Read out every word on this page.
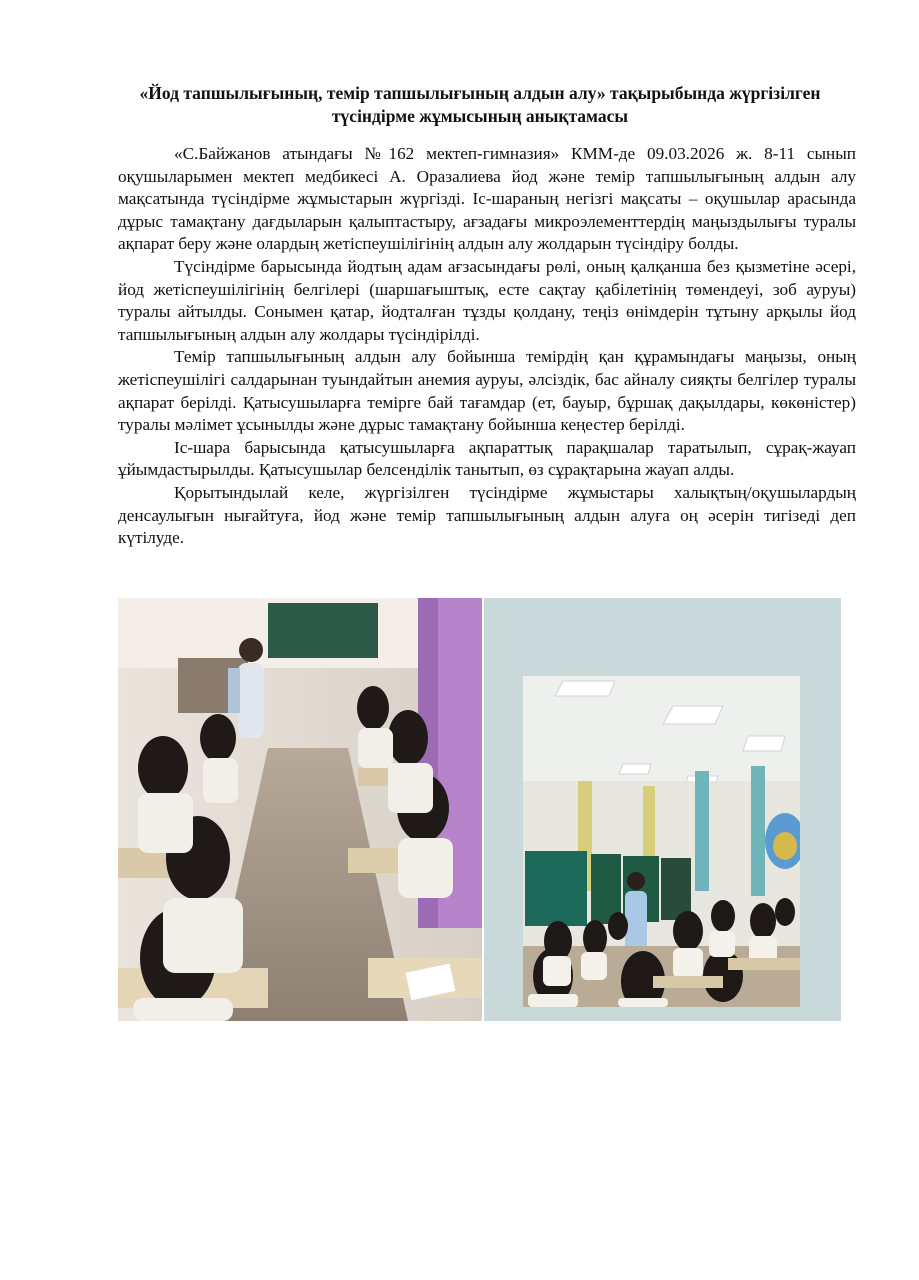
«Йод тапшылығының, темір тапшылығының алдын алу» тақырыбында жүргізілген
түсіндірме жұмысының анықтамасы

«С.Байжанов атындағы №162 мектеп-гимназия» КММ-де 09.03.2026 ж. 8-11 сынып оқушыларымен мектеп медбикесі А. Оразалиева йод және темір тапшылығының алдын алу мақсатында түсіндірме жұмыстарын жүргізді. Іс-шараның негізгі мақсаты – оқушылар арасында дұрыс тамақтану дағдыларын қалыптастыру, ағзадағы микроэлементтердің маңыздылығы туралы ақпарат беру және олардың жетіспеушілігінің алдын алу жолдарын түсіндіру болды.

Түсіндірме барысында йодтың адам ағзасындағы рөлі, оның қалқанша без қызметіне әсері, йод жетіспеушілігінің белгілері (шаршағыштық, есте сақтау қабілетінің төмендеуі, зоб ауруы) туралы айтылды. Сонымен қатар, йодталған тұзды қолдану, теңіз өнімдерін тұтыну арқылы йод тапшылығының алдын алу жолдары түсіндірілді.

Темір тапшылығының алдын алу бойынша темірдің қан құрамындағы маңызы, оның жетіспеушілігі салдарынан туындайтын анемия ауруы, әлсіздік, бас айналу сияқты белгілер туралы ақпарат берілді. Қатысушыларға темірге бай тағамдар (ет, бауыр, бұршақ дақылдары, көкөністер) туралы мәлімет ұсынылды және дұрыс тамақтану бойынша кеңестер берілді.

Іс-шара барысында қатысушыларға ақпараттық парақшалар таратылып, сұрақ-жауап ұйымдастырылды. Қатысушылар белсенділік танытып, өз сұрақтарына жауап алды.

Қорытындылай келе, жүргізілген түсіндірме жұмыстары халықтың/оқушылардың денсаулығын нығайтуға, йод және темір тапшылығының алдын алуға оң әсерін тигізеді деп күтілуде.
